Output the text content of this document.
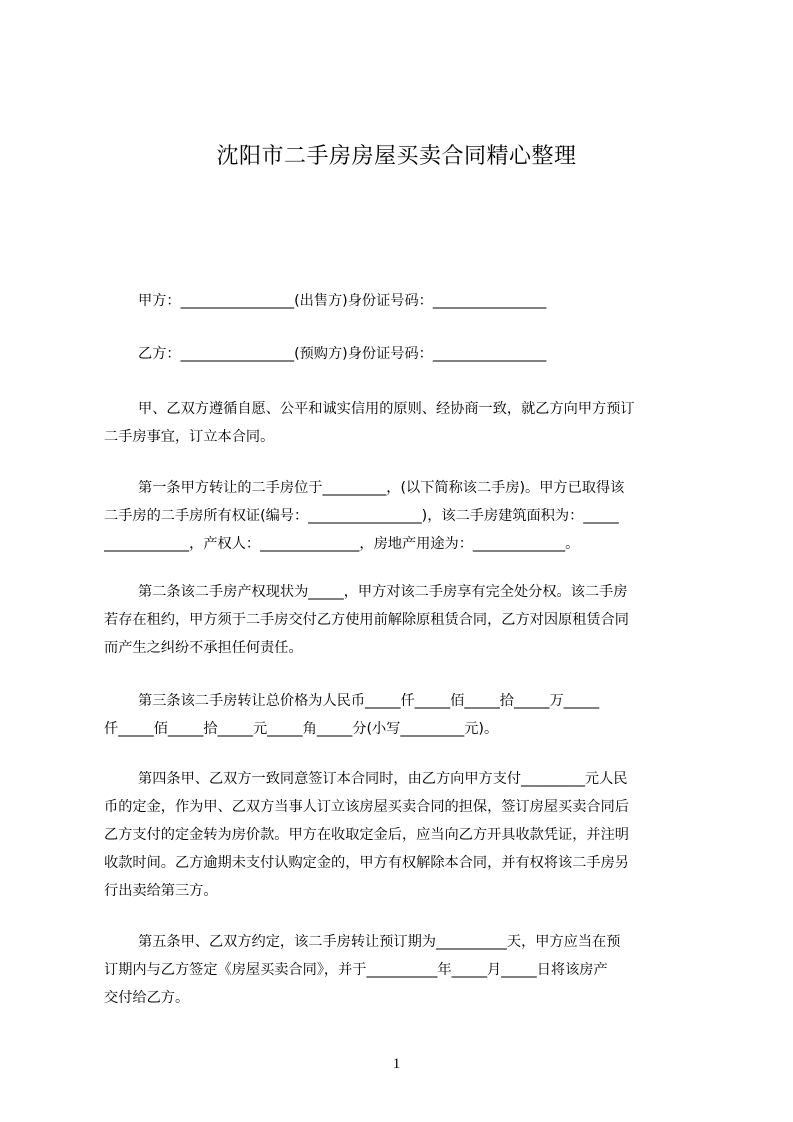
沈阳市二手房房屋买卖合同精心整理
甲方：________________(出售方)身份证号码：________________
乙方：________________(预购方)身份证号码：________________
甲、乙双方遵循自愿、公平和诚实信用的原则、经协商一致，就乙方向甲方预订
二手房事宜，订立本合同。
第一条甲方转让的二手房位于_________，(以下简称该二手房)。甲方已取得该
二手房的二手房所有权证(编号：________________)，该二手房建筑面积为：_____
____________，产权人：______________，房地产用途为：_____________。
第二条该二手房产权现状为_____，甲方对该二手房享有完全处分权。该二手房
若存在租约，甲方须于二手房交付乙方使用前解除原租赁合同，乙方对因原租赁合同
而产生之纠纷不承担任何责任。
第三条该二手房转让总价格为人民币_____仟_____佰_____拾_____万_____
仟_____佰_____拾_____元_____角_____分(小写_________元)。
第四条甲、乙双方一致同意签订本合同时，由乙方向甲方支付_________元人民
币的定金，作为甲、乙双方当事人订立该房屋买卖合同的担保，签订房屋买卖合同后
乙方支付的定金转为房价款。甲方在收取定金后，应当向乙方开具收款凭证，并注明
收款时间。乙方逾期未支付认购定金的，甲方有权解除本合同，并有权将该二手房另
行出卖给第三方。
第五条甲、乙双方约定，该二手房转让预订期为__________天，甲方应当在预
订期内与乙方签定《房屋买卖合同》，并于__________年_____月_____日将该房产
交付给乙方。
1
